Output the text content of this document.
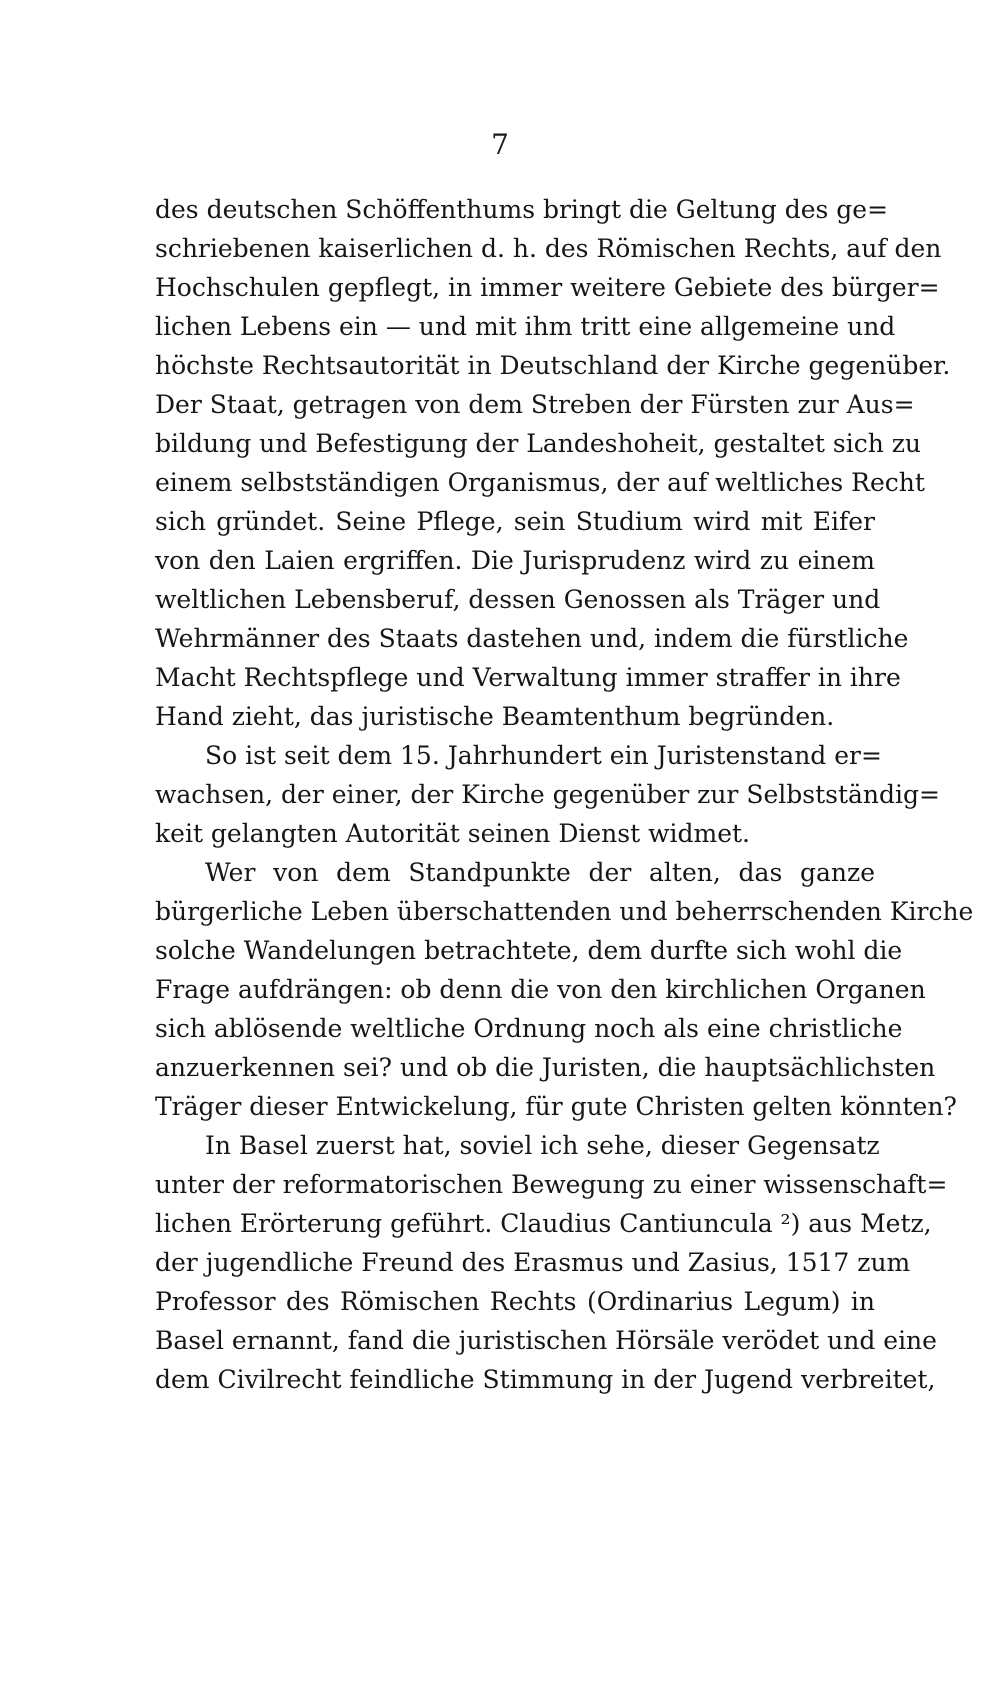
7

des deutschen Schöffenthums bringt die Geltung des ge=
schriebenen kaiserlichen d. h. des Römischen Rechts, auf den
Hochschulen gepflegt, in immer weitere Gebiete des bürger=
lichen Lebens ein — und mit ihm tritt eine allgemeine und
höchste Rechtsautorität in Deutschland der Kirche gegenüber.
Der Staat, getragen von dem Streben der Fürsten zur Aus=
bildung und Befestigung der Landeshoheit, gestaltet sich zu
einem selbstständigen Organismus, der auf weltliches Recht
sich gründet. Seine Pflege, sein Studium wird mit Eifer
von den Laien ergriffen. Die Jurisprudenz wird zu einem
weltlichen Lebensberuf, dessen Genossen als Träger und
Wehrmänner des Staats dastehen und, indem die fürstliche
Macht Rechtspflege und Verwaltung immer straffer in ihre
Hand zieht, das juristische Beamtenthum begründen.
So ist seit dem 15. Jahrhundert ein Juristenstand er=
wachsen, der einer, der Kirche gegenüber zur Selbstständig=
keit gelangten Autorität seinen Dienst widmet.
Wer von dem Standpunkte der alten, das ganze
bürgerliche Leben überschattenden und beherrschenden Kirche
solche Wandelungen betrachtete, dem durfte sich wohl die
Frage aufdrängen: ob denn die von den kirchlichen Organen
sich ablösende weltliche Ordnung noch als eine christliche
anzuerkennen sei? und ob die Juristen, die hauptsächlichsten
Träger dieser Entwickelung, für gute Christen gelten könnten?
In Basel zuerst hat, soviel ich sehe, dieser Gegensatz
unter der reformatorischen Bewegung zu einer wissenschaft=
lichen Erörterung geführt. Claudius Cantiuncula ²) aus Metz,
der jugendliche Freund des Erasmus und Zasius, 1517 zum
Professor des Römischen Rechts (Ordinarius Legum) in
Basel ernannt, fand die juristischen Hörsäle verödet und eine
dem Civilrecht feindliche Stimmung in der Jugend verbreitet,
